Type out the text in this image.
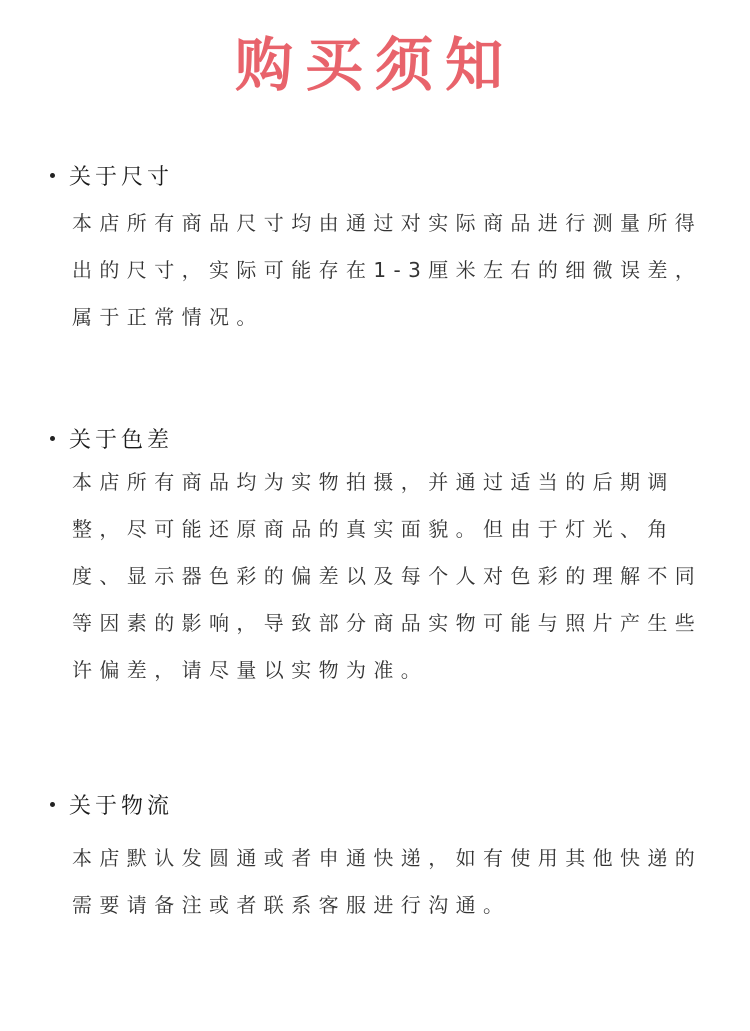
购买须知
关于尺寸

本店所有商品尺寸均由通过对实际商品进行测量所得出的尺寸，实际可能存在1-3厘米左右的细微误差，属于正常情况。

关于色差

本店所有商品均为实物拍摄，并通过适当的后期调整，尽可能还原商品的真实面貌。但由于灯光、角度、显示器色彩的偏差以及每个人对色彩的理解不同等因素的影响，导致部分商品实物可能与照片产生些许偏差，请尽量以实物为准。

关于物流

本店默认发圆通或者申通快递，如有使用其他快递的需要请备注或者联系客服进行沟通。
